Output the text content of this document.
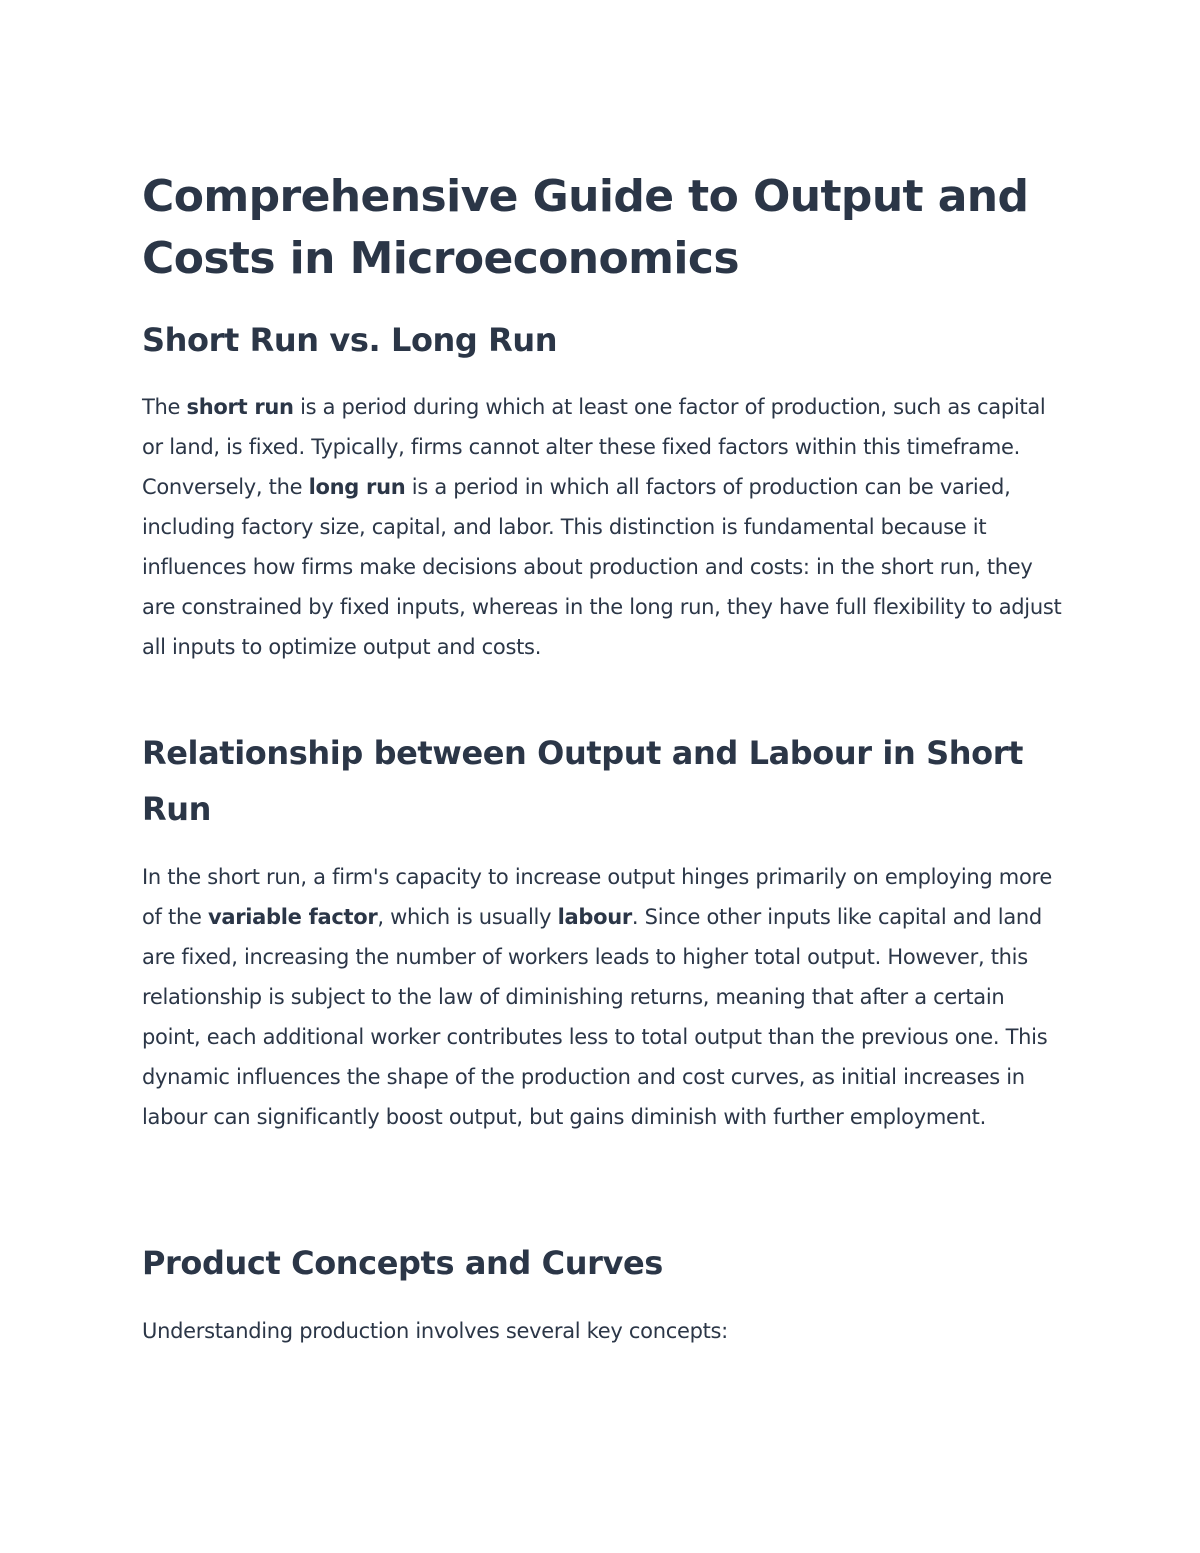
Comprehensive Guide to Output and Costs in Microeconomics
Short Run vs. Long Run

The short run is a period during which at least one factor of production, such as capital or land, is fixed. Typically, firms cannot alter these fixed factors within this timeframe. Conversely, the long run is a period in which all factors of production can be varied, including factory size, capital, and labor. This distinction is fundamental because it influences how firms make decisions about production and costs: in the short run, they are constrained by fixed inputs, whereas in the long run, they have full flexibility to adjust all inputs to optimize output and costs.

Relationship between Output and Labour in Short Run

In the short run, a firm's capacity to increase output hinges primarily on employing more of the variable factor, which is usually labour. Since other inputs like capital and land are fixed, increasing the number of workers leads to higher total output. However, this relationship is subject to the law of diminishing returns, meaning that after a certain point, each additional worker contributes less to total output than the previous one. This dynamic influences the shape of the production and cost curves, as initial increases in labour can significantly boost output, but gains diminish with further employment.

Product Concepts and Curves

Understanding production involves several key concepts:
